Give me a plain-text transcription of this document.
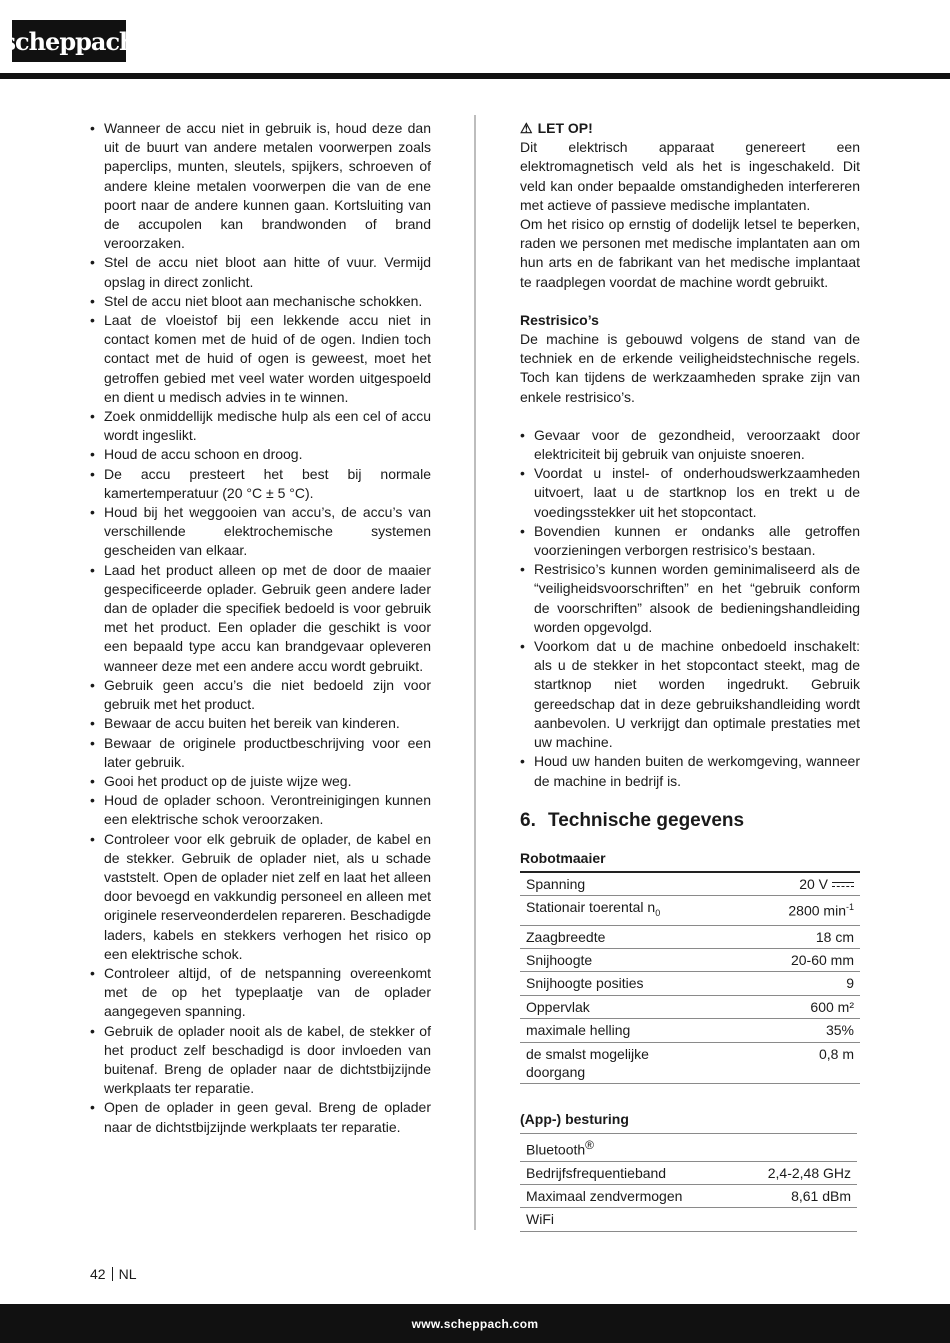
scheppach
• Wanneer de accu niet in gebruik is, houd deze dan uit de buurt van andere metalen voorwerpen zoals paperclips, munten, sleutels, spijkers, schroeven of andere kleine metalen voorwerpen die van de ene poort naar de andere kunnen gaan. Kortsluiting van de accupolen kan brandwonden of brand veroorzaken.
• Stel de accu niet bloot aan hitte of vuur. Vermijd opslag in direct zonlicht.
• Stel de accu niet bloot aan mechanische schokken.
• Laat de vloeistof bij een lekkende accu niet in contact komen met de huid of de ogen. Indien toch contact met de huid of ogen is geweest, moet het getroffen gebied met veel water worden uitgespoeld en dient u medisch advies in te winnen.
• Zoek onmiddellijk medische hulp als een cel of accu wordt ingeslikt.
• Houd de accu schoon en droog.
• De accu presteert het best bij normale kamertemperatuur (20 °C ± 5 °C).
• Houd bij het weggooien van accu’s, de accu’s van verschillende elektrochemische systemen gescheiden van elkaar.
• Laad het product alleen op met de door de maaier gespecificeerde oplader. Gebruik geen andere lader dan de oplader die specifiek bedoeld is voor gebruik met het product. Een oplader die geschikt is voor een bepaald type accu kan brandgevaar opleveren wanneer deze met een andere accu wordt gebruikt.
• Gebruik geen accu’s die niet bedoeld zijn voor gebruik met het product.
• Bewaar de accu buiten het bereik van kinderen.
• Bewaar de originele productbeschrijving voor een later gebruik.
• Gooi het product op de juiste wijze weg.
• Houd de oplader schoon. Verontreinigingen kunnen een elektrische schok veroorzaken.
• Controleer voor elk gebruik de oplader, de kabel en de stekker. Gebruik de oplader niet, als u schade vaststelt. Open de oplader niet zelf en laat het alleen door bevoegd en vakkundig personeel en alleen met originele reserveonderdelen repareren. Beschadigde laders, kabels en stekkers verhogen het risico op een elektrische schok.
• Controleer altijd, of de netspanning overeenkomt met de op het typeplaatje van de oplader aangegeven spanning.
• Gebruik de oplader nooit als de kabel, de stekker of het product zelf beschadigd is door invloeden van buitenaf. Breng de oplader naar de dichtstbijzijnde werkplaats ter reparatie.
• Open de oplader in geen geval. Breng de oplader naar de dichtstbijzijnde werkplaats ter reparatie.
⚠ LET OP!

Dit elektrisch apparaat genereert een elektromagnetisch veld als het is ingeschakeld. Dit veld kan onder bepaalde omstandigheden interfereren met actieve of passieve medische implantaten.

Om het risico op ernstig of dodelijk letsel te beperken, raden we personen met medische implantaten aan om hun arts en de fabrikant van het medische implantaat te raadplegen voordat de machine wordt gebruikt.

Restrisico’s

De machine is gebouwd volgens de stand van de techniek en de erkende veiligheidstechnische regels. Toch kan tijdens de werkzaamheden sprake zijn van enkele restrisico’s.

• Gevaar voor de gezondheid, veroorzaakt door elektriciteit bij gebruik van onjuiste snoeren.
• Voordat u instel- of onderhoudswerkzaamheden uitvoert, laat u de startknop los en trekt u de voedingsstekker uit het stopcontact.
• Bovendien kunnen er ondanks alle getroffen voorzieningen verborgen restrisico’s bestaan.
• Restrisico’s kunnen worden geminimaliseerd als de “veiligheidsvoorschriften” en het “gebruik conform de voorschriften” alsook de bedieningshandleiding worden opgevolgd.
• Voorkom dat u de machine onbedoeld inschakelt: als u de stekker in het stopcontact steekt, mag de startknop niet worden ingedrukt. Gebruik gereedschap dat in deze gebruikshandleiding wordt aanbevolen. U verkrijgt dan optimale prestaties met uw machine.
• Houd uw handen buiten de werkomgeving, wanneer de machine in bedrijf is.
6. Technische gegevens
Robotmaaier
Spanning	20 V
Stationair toerental $n_0$	2800 $\min^{-1}$
Zaagbreedte	18 cm
Snijhoogte	20-60 mm
Snijhoogte posities	9
Oppervlak	600 m²
maximale helling	35%
de smalst mogelijke doorgang	0,8 m
(App-) besturing
Bluetooth®	
Bedrijfsfrequentieband	2,4-2,48 GHz
Maximaal zendvermogen	8,61 dBm
WiFi	
42 NL
www.scheppach.com
